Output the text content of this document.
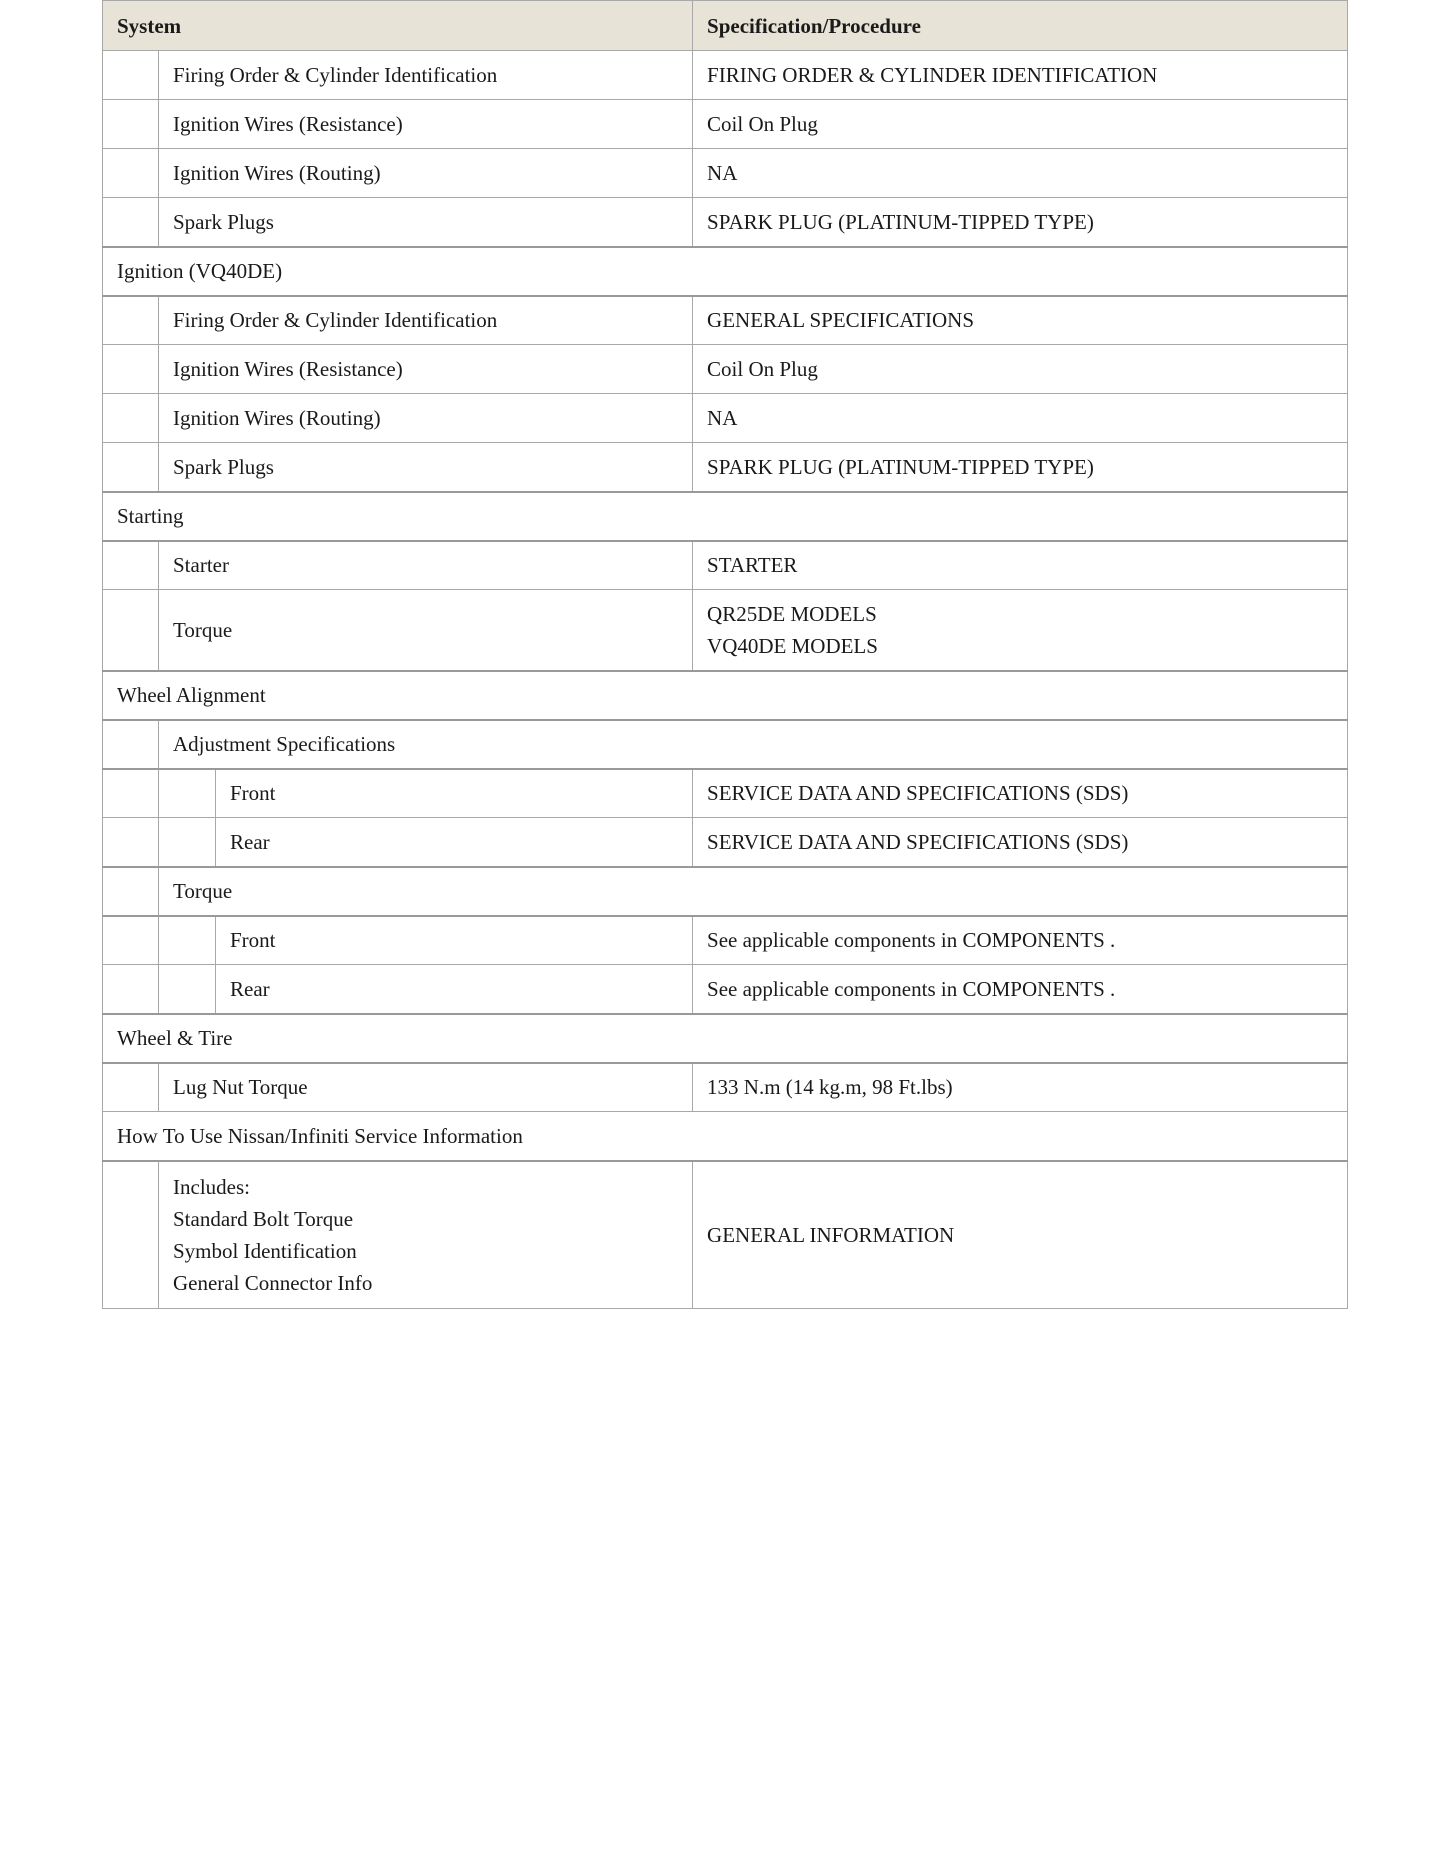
System			Specification/Procedure
	Firing Order & Cylinder Identification		FIRING ORDER & CYLINDER IDENTIFICATION
	Ignition Wires (Resistance)		Coil On Plug
	Ignition Wires (Routing)		NA
	Spark Plugs		SPARK PLUG (PLATINUM-TIPPED TYPE)
Ignition (VQ40DE)			
	Firing Order & Cylinder Identification		GENERAL SPECIFICATIONS
	Ignition Wires (Resistance)		Coil On Plug
	Ignition Wires (Routing)		NA
	Spark Plugs		SPARK PLUG (PLATINUM-TIPPED TYPE)
Starting			
	Starter		STARTER
	Torque		QR25DE MODELS
VQ40DE MODELS

Wheel Alignment			
	Adjustment Specifications		
		Front	SERVICE DATA AND SPECIFICATIONS (SDS)
		Rear	SERVICE DATA AND SPECIFICATIONS (SDS)
	Torque		
		Front	See applicable components in COMPONENTS .
		Rear	See applicable components in COMPONENTS .
Wheel & Tire			
	Lug Nut Torque		133 N.m (14 kg.m, 98 Ft.lbs)
How To Use Nissan/Infiniti Service Information			

	Includes:
Standard Bolt Torque
Symbol Identification
General Connector Info		GENERAL INFORMATION
